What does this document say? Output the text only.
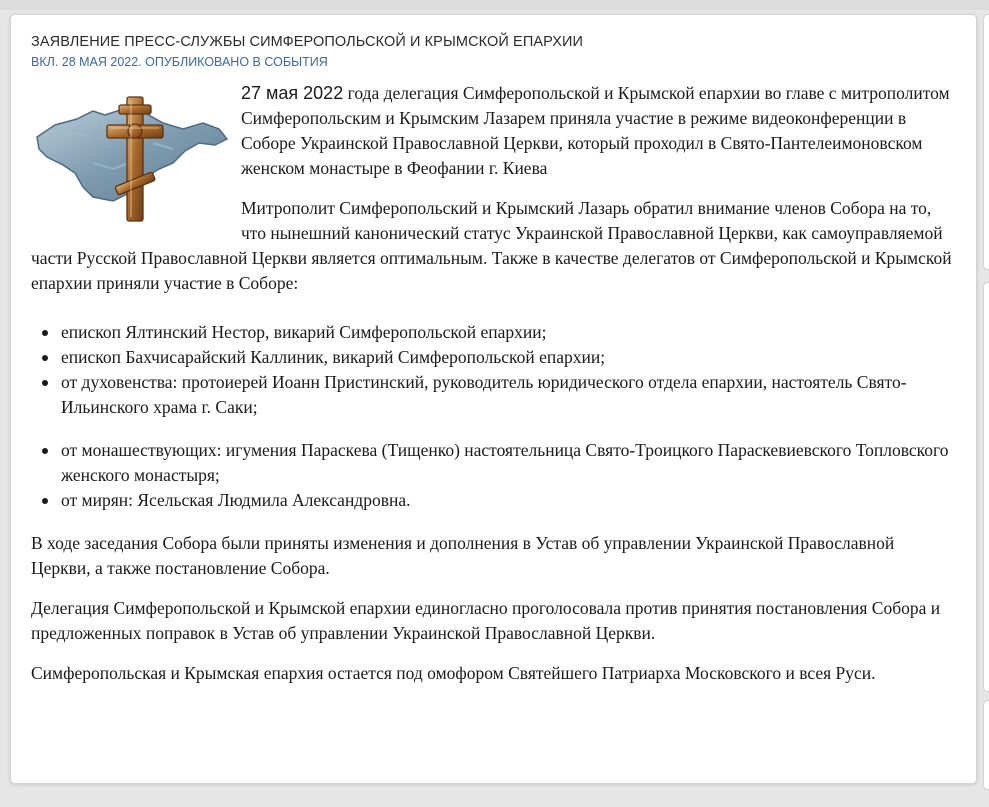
ЗАЯВЛЕНИЕ ПРЕСС-СЛУЖБЫ СИМФЕРОПОЛЬСКОЙ И КРЫМСКОЙ ЕПАРХИИ
ВКЛ. 28 МАЯ 2022. ОПУБЛИКОВАНО В СОБЫТИЯ

27 мая 2022 года делегация Симферопольской и Крымской епархии во главе с митрополитом Симферопольским и Крымским Лазарем приняла участие в режиме видеоконференции в Соборе Украинской Православной Церкви, который проходил в Свято-Пантелеимоновском женском монастыре в Феофании г. Киева

Митрополит Симферопольский и Крымский Лазарь обратил внимание членов Собора на то, что нынешний канонический статус Украинской Православной Церкви, как самоуправляемой части Русской Православной Церкви является оптимальным. Также в качестве делегатов от Симферопольской и Крымской епархии приняли участие в Соборе:

епископ Ялтинский Нестор, викарий Симферопольской епархии;
епископ Бахчисарайский Каллиник, викарий Симферопольской епархии;
от духовенства: протоиерей Иоанн Пристинский, руководитель юридического отдела епархии, настоятель Свято-Ильинского храма г. Саки;
от монашествующих: игумения Параскева (Тищенко) настоятельница Свято-Троицкого Параскевиевского Топловского женского монастыря;
от мирян: Ясельская Людмила Александровна.

В ходе заседания Собора были приняты изменения и дополнения в Устав об управлении Украинской Православной Церкви, а также постановление Собора.

Делегация Симферопольской и Крымской епархии единогласно проголосовала против принятия постановления Собора и предложенных поправок в Устав об управлении Украинской Православной Церкви.

Симферопольская и Крымская епархия остается под омофором Святейшего Патриарха Московского и всея Руси.
